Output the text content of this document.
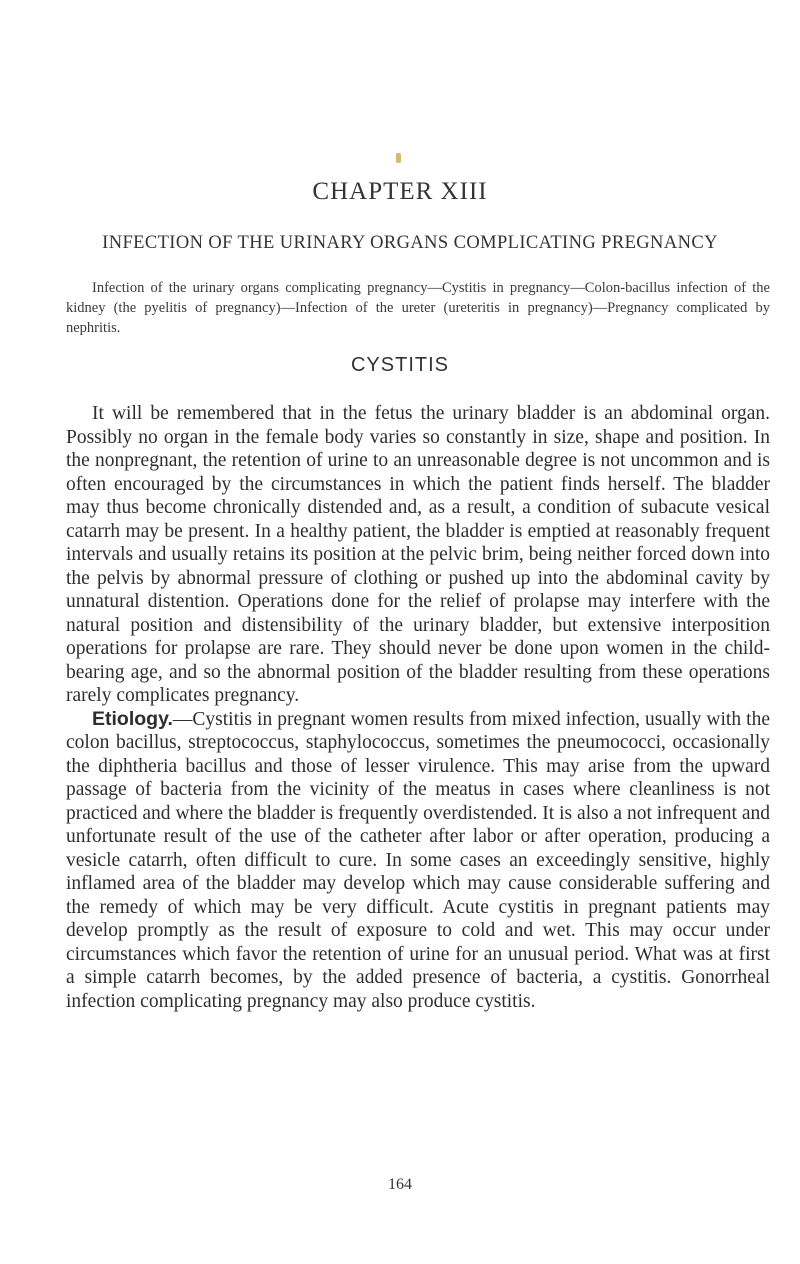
CHAPTER XIII
INFECTION OF THE URINARY ORGANS COMPLICATING PREGNANCY

Infection of the urinary organs complicating pregnancy—Cystitis in pregnancy—Colon-bacillus infection of the kidney (the pyelitis of pregnancy)—Infection of the ureter (ureteritis in pregnancy)—Pregnancy complicated by nephritis.

CYSTITIS

It will be remembered that in the fetus the urinary bladder is an abdominal organ. Possibly no organ in the female body varies so constantly in size, shape and position. In the nonpregnant, the retention of urine to an unreasonable degree is not uncommon and is often encouraged by the circumstances in which the patient finds herself. The bladder may thus become chronically distended and, as a result, a condition of subacute vesical catarrh may be present. In a healthy patient, the bladder is emptied at reasonably frequent intervals and usually retains its position at the pelvic brim, being neither forced down into the pelvis by abnormal pressure of clothing or pushed up into the abdominal cavity by unnatural distention. Operations done for the relief of prolapse may interfere with the natural position and distensibility of the urinary bladder, but extensive interposition operations for prolapse are rare. They should never be done upon women in the child-bearing age, and so the abnormal position of the bladder resulting from these operations rarely complicates pregnancy.

Etiology.—Cystitis in pregnant women results from mixed infection, usually with the colon bacillus, streptococcus, staphylococcus, sometimes the pneumococci, occasionally the diphtheria bacillus and those of lesser virulence. This may arise from the upward passage of bacteria from the vicinity of the meatus in cases where cleanliness is not practiced and where the bladder is frequently overdistended. It is also a not infrequent and unfortunate result of the use of the catheter after labor or after operation, producing a vesicle catarrh, often difficult to cure. In some cases an exceedingly sensitive, highly inflamed area of the bladder may develop which may cause considerable suffering and the remedy of which may be very difficult. Acute cystitis in pregnant patients may develop promptly as the result of exposure to cold and wet. This may occur under circumstances which favor the retention of urine for an unusual period. What was at first a simple catarrh becomes, by the added presence of bacteria, a cystitis. Gonorrheal infection complicating pregnancy may also produce cystitis.

164
